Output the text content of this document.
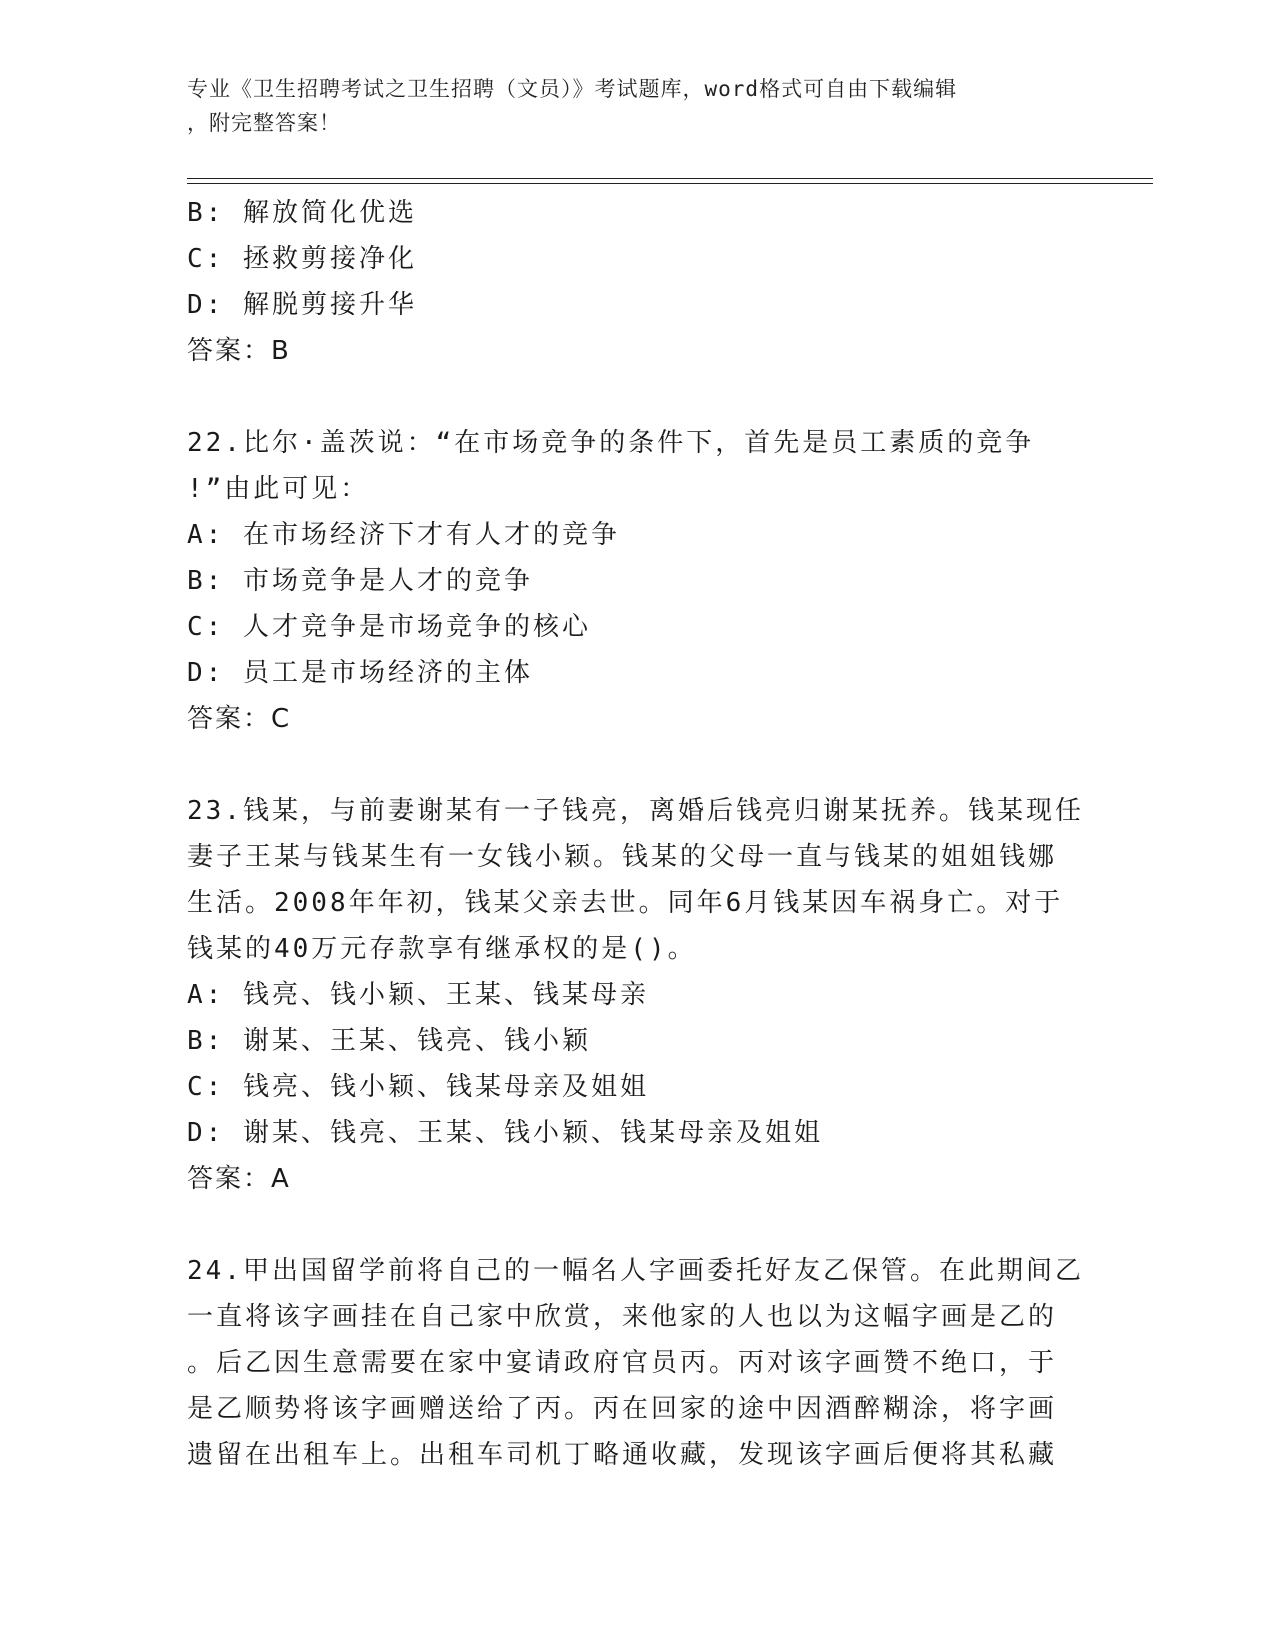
专业《卫生招聘考试之卫生招聘（文员）》考试题库，word格式可自由下载编辑
，附完整答案！
B: 解放简化优选
C: 拯救剪接净化
D: 解脱剪接升华
答案：B
22.比尔·盖茨说：“在市场竞争的条件下，首先是员工素质的竞争
!”由此可见：
A: 在市场经济下才有人才的竞争
B: 市场竞争是人才的竞争
C: 人才竞争是市场竞争的核心
D: 员工是市场经济的主体
答案：C
23.钱某，与前妻谢某有一子钱亮，离婚后钱亮归谢某抚养。钱某现任
妻子王某与钱某生有一女钱小颖。钱某的父母一直与钱某的姐姐钱娜
生活。2008年年初，钱某父亲去世。同年6月钱某因车祸身亡。对于
钱某的40万元存款享有继承权的是()。
A: 钱亮、钱小颖、王某、钱某母亲
B: 谢某、王某、钱亮、钱小颖
C: 钱亮、钱小颖、钱某母亲及姐姐
D: 谢某、钱亮、王某、钱小颖、钱某母亲及姐姐
答案：A
24.甲出国留学前将自己的一幅名人字画委托好友乙保管。在此期间乙
一直将该字画挂在自己家中欣赏，来他家的人也以为这幅字画是乙的
。后乙因生意需要在家中宴请政府官员丙。丙对该字画赞不绝口，于
是乙顺势将该字画赠送给了丙。丙在回家的途中因酒醉糊涂，将字画
遗留在出租车上。出租车司机丁略通收藏，发现该字画后便将其私藏
